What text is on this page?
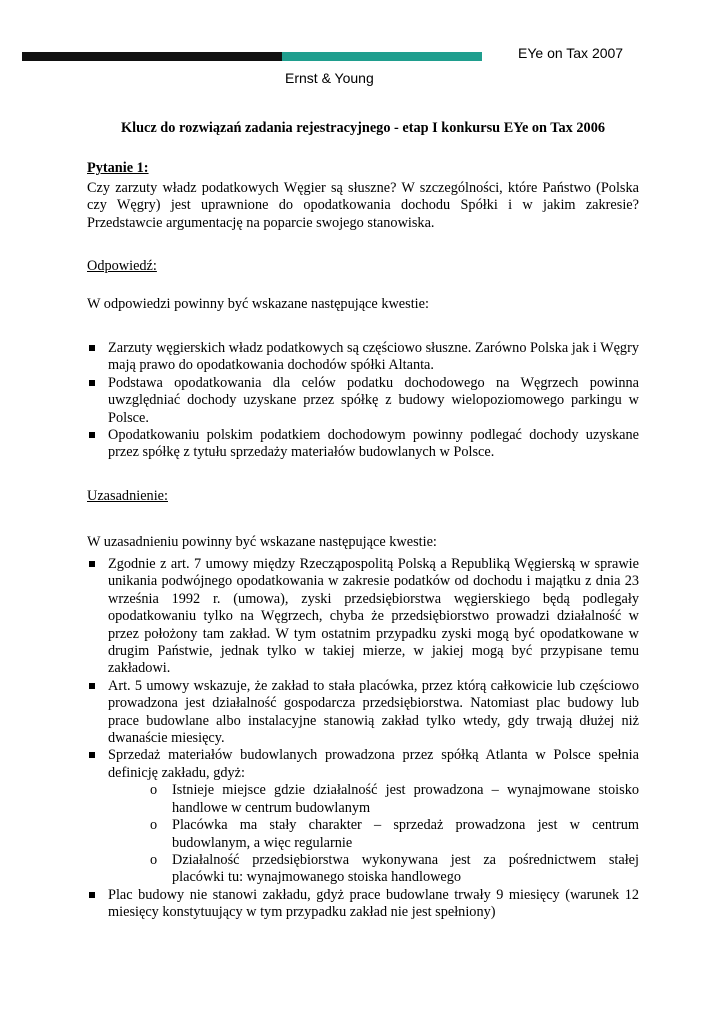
EYe on Tax 2007
Ernst & Young
Klucz do rozwiązań zadania rejestracyjnego - etap I konkursu EYe on Tax 2006
Pytanie 1:
Czy zarzuty władz podatkowych Węgier są słuszne? W szczególności, które Państwo (Polska czy Węgry) jest uprawnione do opodatkowania dochodu Spółki i w jakim zakresie? Przedstawcie argumentację na poparcie swojego stanowiska.
Odpowiedź:
W odpowiedzi powinny być wskazane następujące kwestie:
Zarzuty węgierskich władz podatkowych są częściowo słuszne. Zarówno Polska jak i Węgry mają prawo do opodatkowania dochodów spółki Altanta.
Podstawa opodatkowania dla celów podatku dochodowego na Węgrzech powinna uwzględniać dochody uzyskane przez spółkę z budowy wielopoziomowego parkingu w Polsce.
Opodatkowaniu polskim podatkiem dochodowym powinny podlegać dochody uzyskane przez spółkę z tytułu sprzedaży materiałów budowlanych w Polsce.
Uzasadnienie:
W uzasadnieniu powinny być wskazane następujące kwestie:
Zgodnie z art. 7 umowy między Rzecząpospolitą Polską a Republiką Węgierską w sprawie unikania podwójnego opodatkowania w zakresie podatków od dochodu i majątku z dnia 23 września 1992 r. (umowa), zyski przedsiębiorstwa węgierskiego będą podlegały opodatkowaniu tylko na Węgrzech, chyba że przedsiębiorstwo prowadzi działalność w przez położony tam zakład. W tym ostatnim przypadku zyski mogą być opodatkowane w drugim Państwie, jednak tylko w takiej mierze, w jakiej mogą być przypisane temu zakładowi.
Art. 5 umowy wskazuje, że zakład to stała placówka, przez którą całkowicie lub częściowo prowadzona jest działalność gospodarcza przedsiębiorstwa. Natomiast plac budowy lub prace budowlane albo instalacyjne stanowią zakład tylko wtedy, gdy trwają dłużej niż dwanaście miesięcy.
Sprzedaż materiałów budowlanych prowadzona przez spółką Atlanta w Polsce spełnia definicję zakładu, gdyż:
o Istnieje miejsce gdzie działalność jest prowadzona – wynajmowane stoisko handlowe w centrum budowlanym
o Placówka ma stały charakter – sprzedaż prowadzona jest w centrum budowlanym, a więc regularnie
o Działalność przedsiębiorstwa wykonywana jest za pośrednictwem stałej placówki tu: wynajmowanego stoiska handlowego
Plac budowy nie stanowi zakładu, gdyż prace budowlane trwały 9 miesięcy (warunek 12 miesięcy konstytuujący w tym przypadku zakład nie jest spełniony)
